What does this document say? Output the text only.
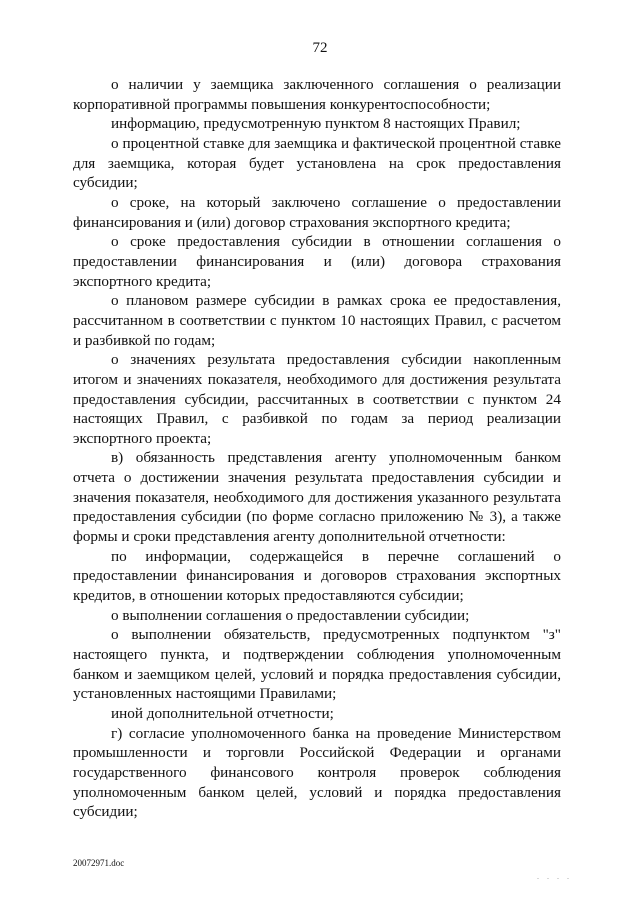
72

о наличии у заемщика заключенного соглашения о реализации корпоративной программы повышения конкурентоспособности;

информацию, предусмотренную пунктом 8 настоящих Правил;

о процентной ставке для заемщика и фактической процентной ставке для заемщика, которая будет установлена на срок предоставления субсидии;

о сроке, на который заключено соглашение о предоставлении финансирования и (или) договор страхования экспортного кредита;

о сроке предоставления субсидии в отношении соглашения о предоставлении финансирования и (или) договора страхования экспортного кредита;

о плановом размере субсидии в рамках срока ее предоставления, рассчитанном в соответствии с пунктом 10 настоящих Правил, с расчетом и разбивкой по годам;

о значениях результата предоставления субсидии накопленным итогом и значениях показателя, необходимого для достижения результата предоставления субсидии, рассчитанных в соответствии с пунктом 24 настоящих Правил, с разбивкой по годам за период реализации экспортного проекта;

в) обязанность представления агенту уполномоченным банком отчета о достижении значения результата предоставления субсидии и значения показателя, необходимого для достижения указанного результата предоставления субсидии (по форме согласно приложению № 3), а также формы и сроки представления агенту дополнительной отчетности:

по информации, содержащейся в перечне соглашений о предоставлении финансирования и договоров страхования экспортных кредитов, в отношении которых предоставляются субсидии;

о выполнении соглашения о предоставлении субсидии;

о выполнении обязательств, предусмотренных подпунктом "з" настоящего пункта, и подтверждении соблюдения уполномоченным банком и заемщиком целей, условий и порядка предоставления субсидии, установленных настоящими Правилами;

иной дополнительной отчетности;

г) согласие уполномоченного банка на проведение Министерством промышленности и торговли Российской Федерации и органами государственного финансового контроля проверок соблюдения уполномоченным банком целей, условий и порядка предоставления субсидии;

20072971.doc
. . . .
